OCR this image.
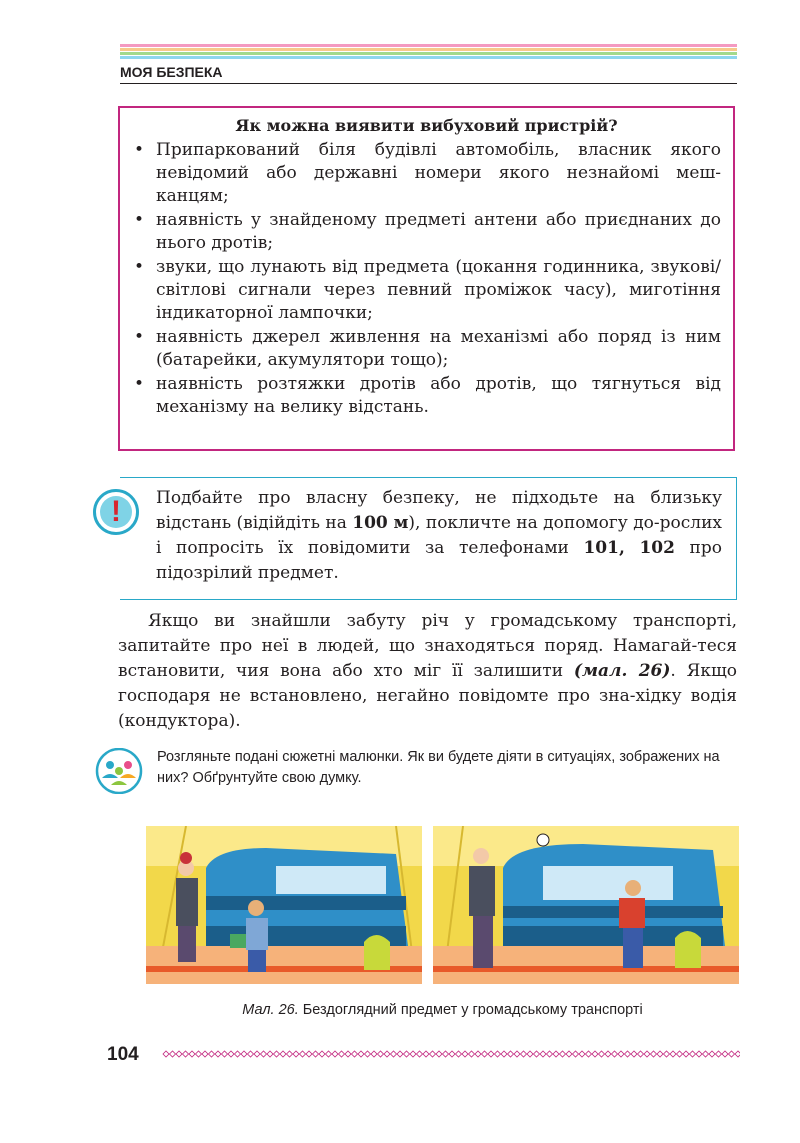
МОЯ БЕЗПЕКА
Як можна виявити вибуховий пристрій?
• Припаркований біля будівлі автомобіль, власник якого невідомий або державні номери якого незнайомі меш-канцям;
• наявність у знайденому предметі антени або приєднаних до нього дротів;
• звуки, що лунають від предмета (цокання годинника, звукові/світлові сигнали через певний проміжок часу), миготіння індикаторної лампочки;
• наявність джерел живлення на механізмі або поряд із ним (батарейки, акумулятори тощо);
• наявність розтяжки дротів або дротів, що тягнуться від механізму на велику відстань.

Подбайте про власну безпеку, не підходьте на близьку відстань (відійдіть на 100 м), покличте на допомогу до-рослих і попросіть їх повідомити за телефонами 101, 102 про підозрілий предмет.

!

Якщо ви знайшли забуту річ у громадському транспорті, запитайте про неї в людей, що знаходяться поряд. Намагай-теся встановити, чия вона або хто міг її залишити (мал. 26). Якщо господаря не встановлено, негайно повідомте про зна-хідку водія (кондуктора).

Розгляньте подані сюжетні малюнки. Як ви будете діяти в ситуаціях, зображених на них? Обґрунтуйте свою думку.
Мал. 26. Бездоглядний предмет у громадському транспорті
104
